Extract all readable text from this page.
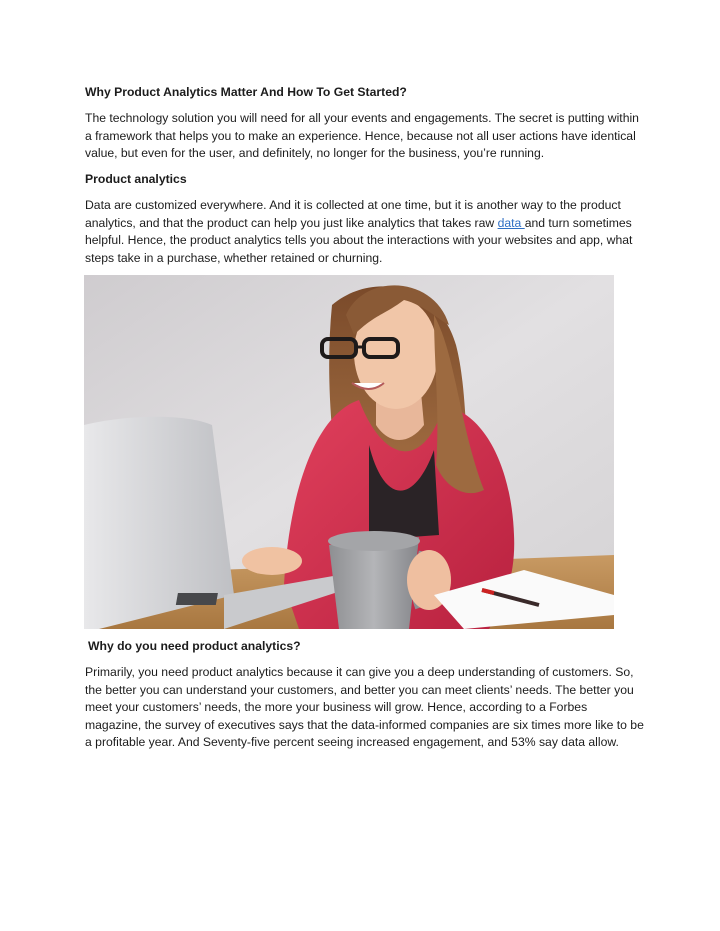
Why Product Analytics Matter And How To Get Started?

The technology solution you will need for all your events and engagements. The secret is putting within a framework that helps you to make an experience. Hence, because not all user actions have identical value, but even for the user, and definitely, no longer for the business, you’re running.

Product analytics

Data are customized everywhere. And it is collected at one time, but it is another way to the product analytics, and that the product can help you just like analytics that takes raw data and turn sometimes helpful. Hence, the product analytics tells you about the interactions with your websites and app, what steps take in a purchase, whether retained or churning.

Why do you need product analytics?

Primarily, you need product analytics because it can give you a deep understanding of customers. So, the better you can understand your customers, and better you can meet clients’ needs. The better you meet your customers’ needs, the more your business will grow. Hence, according to a Forbes magazine, the survey of executives says that the data-informed companies are six times more like to be a profitable year. And Seventy-five percent seeing increased engagement, and 53% say data allow.
